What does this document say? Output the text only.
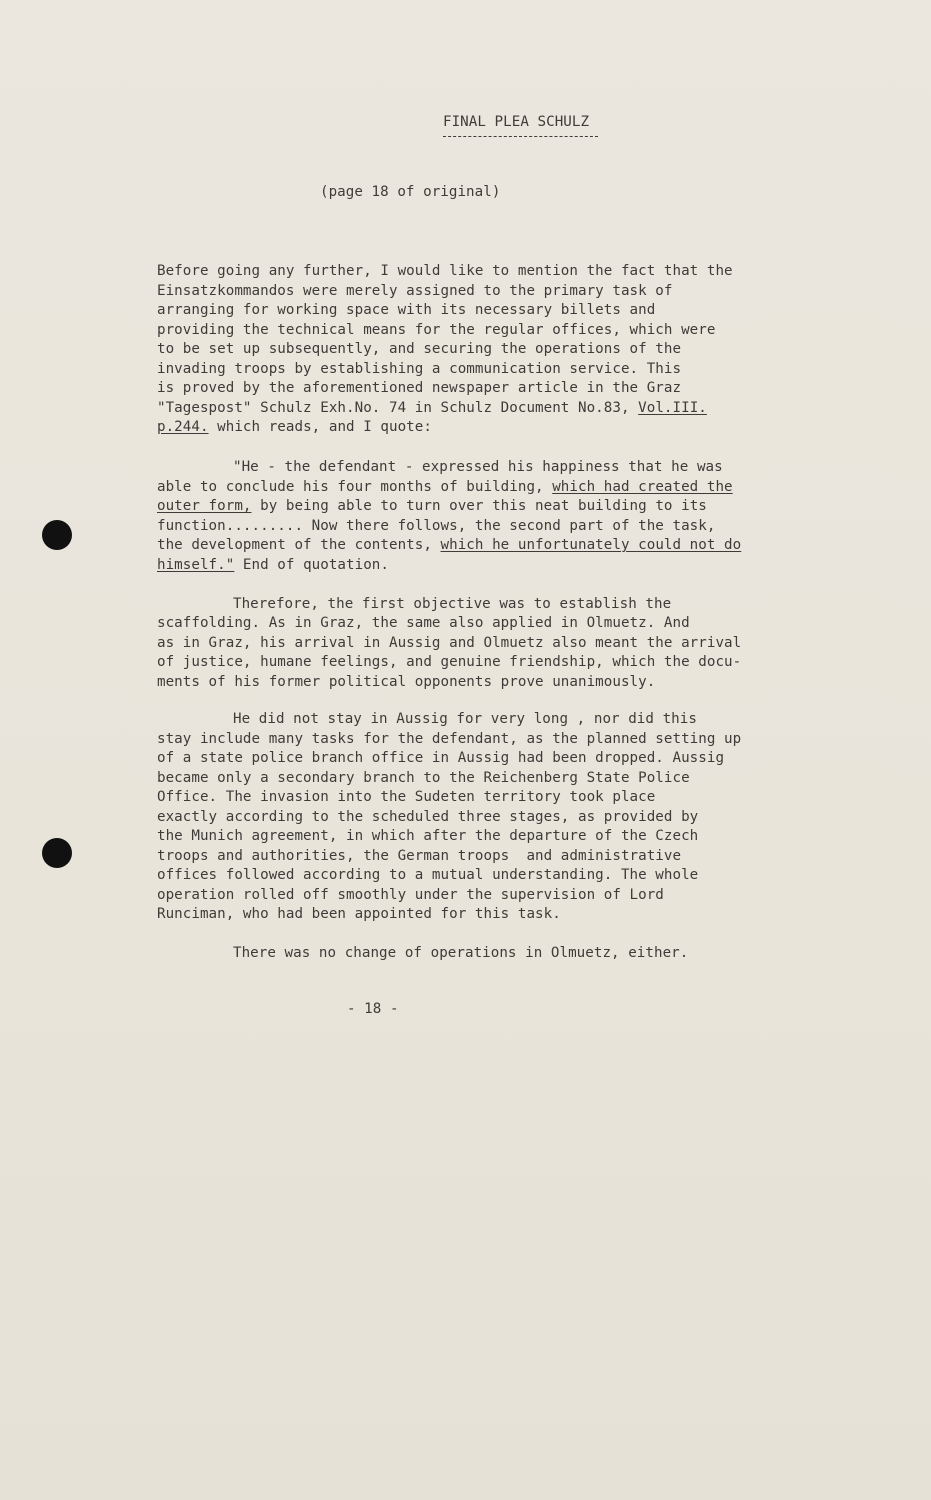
FINAL PLEA SCHULZ
(page 18 of original)
Before going any further, I would like to mention the fact that the
Einsatzkommandos were merely assigned to the primary task of
arranging for working space with its necessary billets and
providing the technical means for the regular offices, which were
to be set up subsequently, and securing the operations of the
invading troops by establishing a communication service. This
is proved by the aforementioned newspaper article in the Graz
"Tagespost" Schulz Exh.No. 74 in Schulz Document No.83, Vol.III.
p.244. which reads, and I quote:
"He - the defendant - expressed his happiness that he was
able to conclude his four months of building, which had created the
outer form, by being able to turn over this neat building to its
function......... Now there follows, the second part of the task,
the development of the contents, which he unfortunately could not do
himself." End of quotation.
Therefore, the first objective was to establish the
scaffolding. As in Graz, the same also applied in Olmuetz. And
as in Graz, his arrival in Aussig and Olmuetz also meant the arrival
of justice, humane feelings, and genuine friendship, which the docu-
ments of his former political opponents prove unanimously.
He did not stay in Aussig for very long , nor did this
stay include many tasks for the defendant, as the planned setting up
of a state police branch office in Aussig had been dropped. Aussig
became only a secondary branch to the Reichenberg State Police
Office. The invasion into the Sudeten territory took place
exactly according to the scheduled three stages, as provided by
the Munich agreement, in which after the departure of the Czech
troops and authorities, the German troops  and administrative
offices followed according to a mutual understanding. The whole
operation rolled off smoothly under the supervision of Lord
Runciman, who had been appointed for this task.
There was no change of operations in Olmuetz, either.
- 18 -
